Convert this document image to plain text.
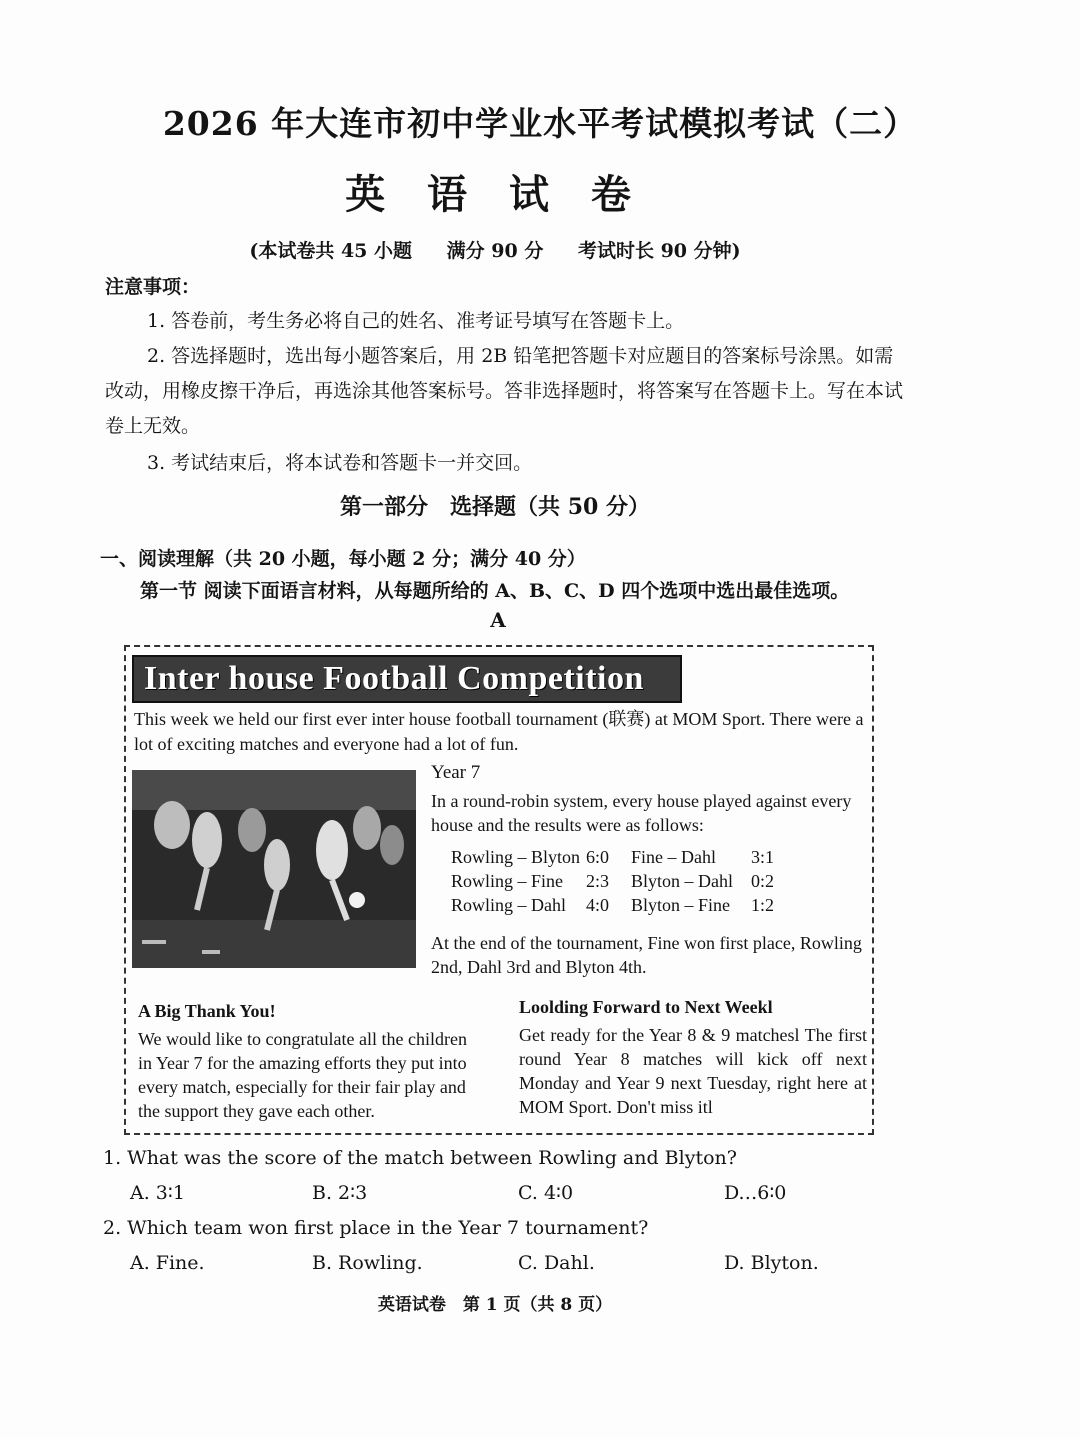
2026 年大连市初中学业水平考试模拟考试（二）
英 语 试 卷
(本试卷共 45 小题 满分 90 分 考试时长 90 分钟)
注意事项：
1. 答卷前，考生务必将自己的姓名、准考证号填写在答题卡上。
2. 答选择题时，选出每小题答案后，用 2B 铅笔把答题卡对应题目的答案标号涂黑。如需改动，用橡皮擦干净后，再选涂其他答案标号。答非选择题时，将答案写在答题卡上。写在本试卷上无效。
3. 考试结束后，将本试卷和答题卡一并交回。
第一部分　选择题（共 50 分）
一、阅读理解（共 20 小题，每小题 2 分；满分 40 分）
第一节 阅读下面语言材料，从每题所给的 A、B、C、D 四个选项中选出最佳选项。
A
Inter house Football Competition
This week we held our first ever inter house football tournament (联赛) at MOM Sport. There were a lot of exciting matches and everyone had a lot of fun.
Year 7
In a round-robin system, every house played against every house and the results were as follows:
Rowling – Blyton	6:0	Fine – Dahl	3:1
Rowling – Fine	2:3	Blyton – Dahl	0:2
Rowling – Dahl	4:0	Blyton – Fine	1:2
At the end of the tournament, Fine won first place, Rowling 2nd, Dahl 3rd and Blyton 4th.
A Big Thank You!
We would like to congratulate all the children in Year 7 for the amazing efforts they put into every match, especially for their fair play and the support they gave each other.
Loolding Forward to Next Weekl
Get ready for the Year 8 & 9 matchesl The first round Year 8 matches will kick off next Monday and Year 9 next Tuesday, right here at MOM Sport. Don't miss itl
1. What was the score of the match between Rowling and Blyton?
A. 3∶1	B. 2∶3	C. 4∶0	D.‥6∶0
2. Which team won first place in the Year 7 tournament?
A. Fine.	B. Rowling.	C. Dahl.	D. Blyton.
英语试卷　第 1 页（共 8 页）
